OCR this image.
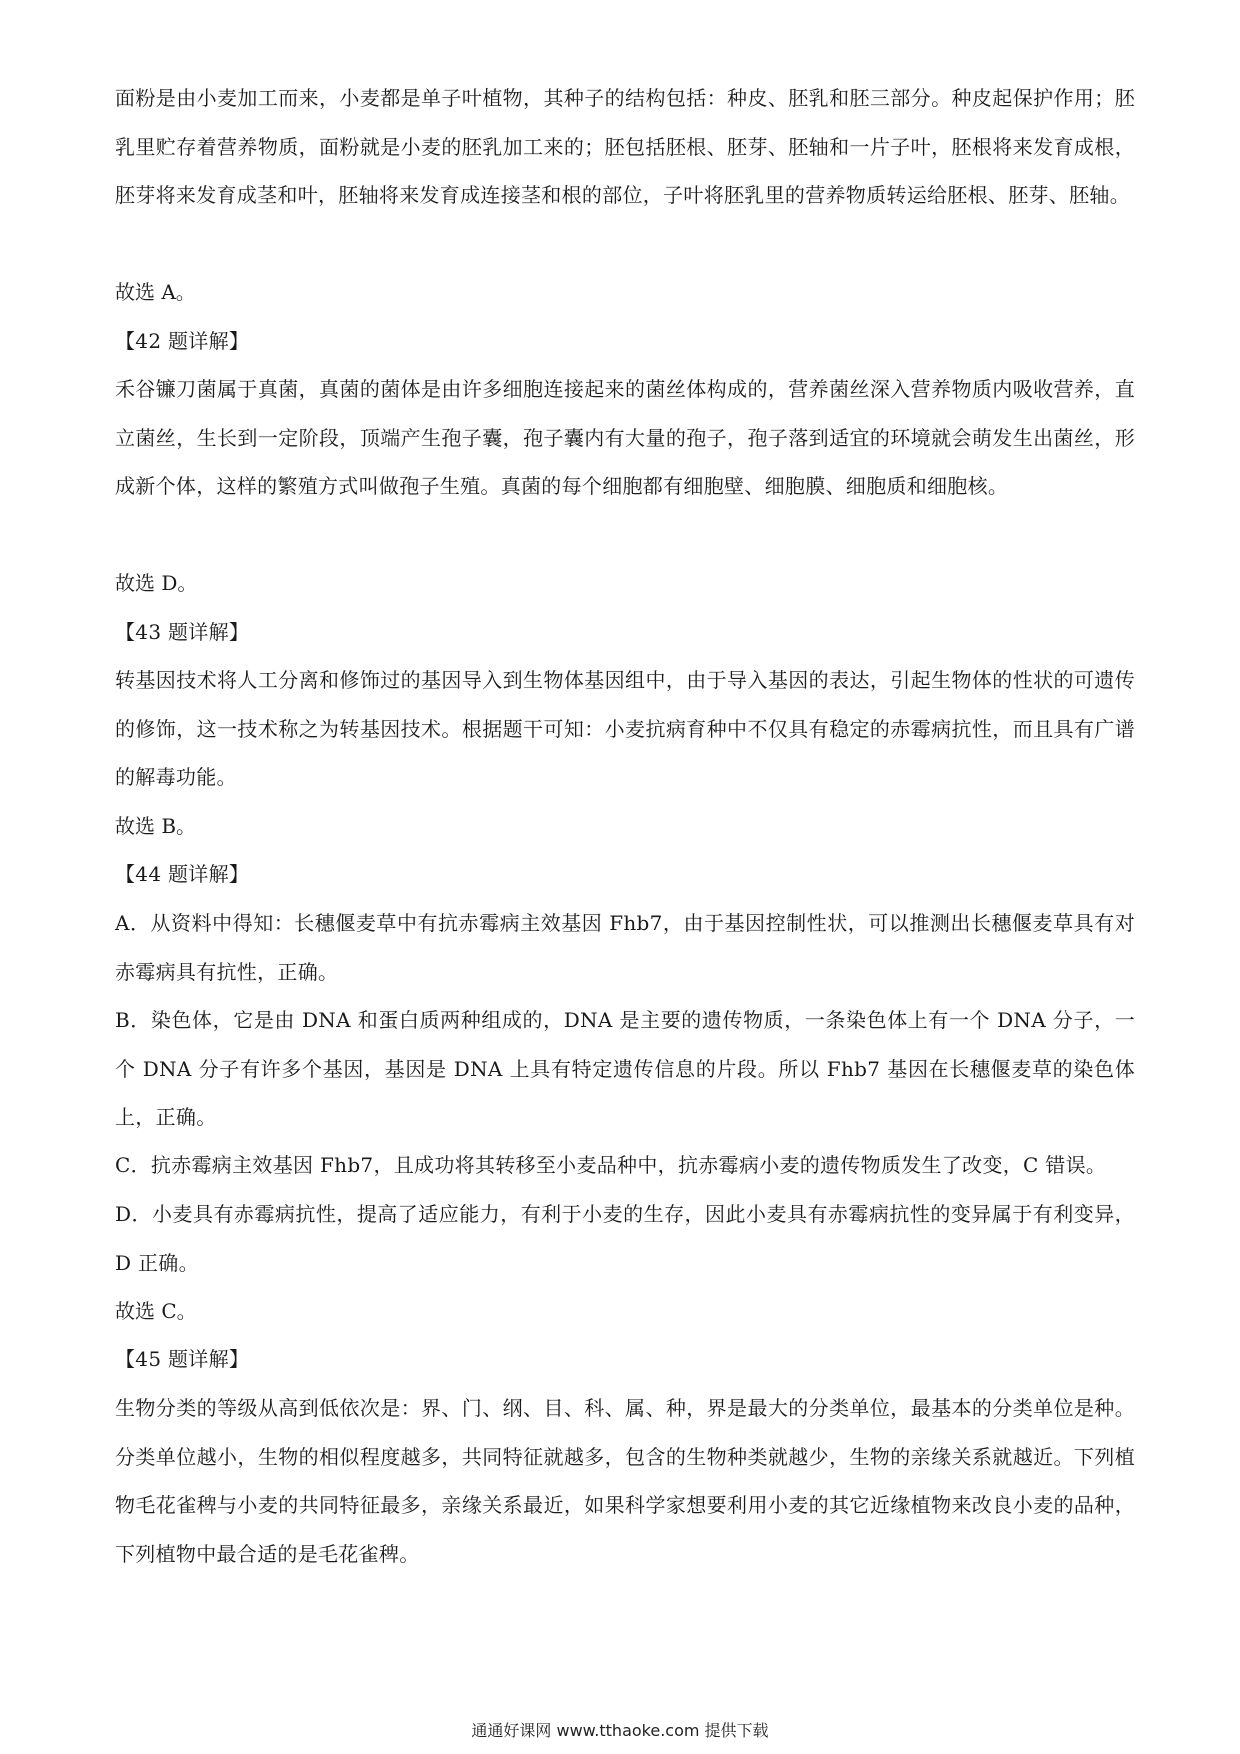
面粉是由小麦加工而来，小麦都是单子叶植物，其种子的结构包括：种皮、胚乳和胚三部分。种皮起保护作用；胚乳里贮存着营养物质，面粉就是小麦的胚乳加工来的；胚包括胚根、胚芽、胚轴和一片子叶，胚根将来发育成根，胚芽将来发育成茎和叶，胚轴将来发育成连接茎和根的部位，子叶将胚乳里的营养物质转运给胚根、胚芽、胚轴。

故选 A。

【42 题详解】

禾谷镰刀菌属于真菌，真菌的菌体是由许多细胞连接起来的菌丝体构成的，营养菌丝深入营养物质内吸收营养，直立菌丝，生长到一定阶段，顶端产生孢子囊，孢子囊内有大量的孢子，孢子落到适宜的环境就会萌发生出菌丝，形成新个体，这样的繁殖方式叫做孢子生殖。真菌的每个细胞都有细胞壁、细胞膜、细胞质和细胞核。

故选 D。

【43 题详解】

转基因技术将人工分离和修饰过的基因导入到生物体基因组中，由于导入基因的表达，引起生物体的性状的可遗传的修饰，这一技术称之为转基因技术。根据题干可知：小麦抗病育种中不仅具有稳定的赤霉病抗性，而且具有广谱的解毒功能。

故选 B。

【44 题详解】

A．从资料中得知：长穗偃麦草中有抗赤霉病主效基因 Fhb7，由于基因控制性状，可以推测出长穗偃麦草具有对赤霉病具有抗性，正确。

B．染色体，它是由 DNA 和蛋白质两种组成的，DNA 是主要的遗传物质，一条染色体上有一个 DNA 分子，一个 DNA 分子有许多个基因，基因是 DNA 上具有特定遗传信息的片段。所以 Fhb7 基因在长穗偃麦草的染色体上，正确。

C．抗赤霉病主效基因 Fhb7，且成功将其转移至小麦品种中，抗赤霉病小麦的遗传物质发生了改变，C 错误。

D．小麦具有赤霉病抗性，提高了适应能力，有利于小麦的生存，因此小麦具有赤霉病抗性的变异属于有利变异，D 正确。

故选 C。

【45 题详解】

生物分类的等级从高到低依次是：界、门、纲、目、科、属、种，界是最大的分类单位，最基本的分类单位是种。分类单位越小，生物的相似程度越多，共同特征就越多，包含的生物种类就越少，生物的亲缘关系就越近。下列植物毛花雀稗与小麦的共同特征最多，亲缘关系最近，如果科学家想要利用小麦的其它近缘植物来改良小麦的品种，下列植物中最合适的是毛花雀稗。

通通好课网 www.tthaoke.com 提供下载
